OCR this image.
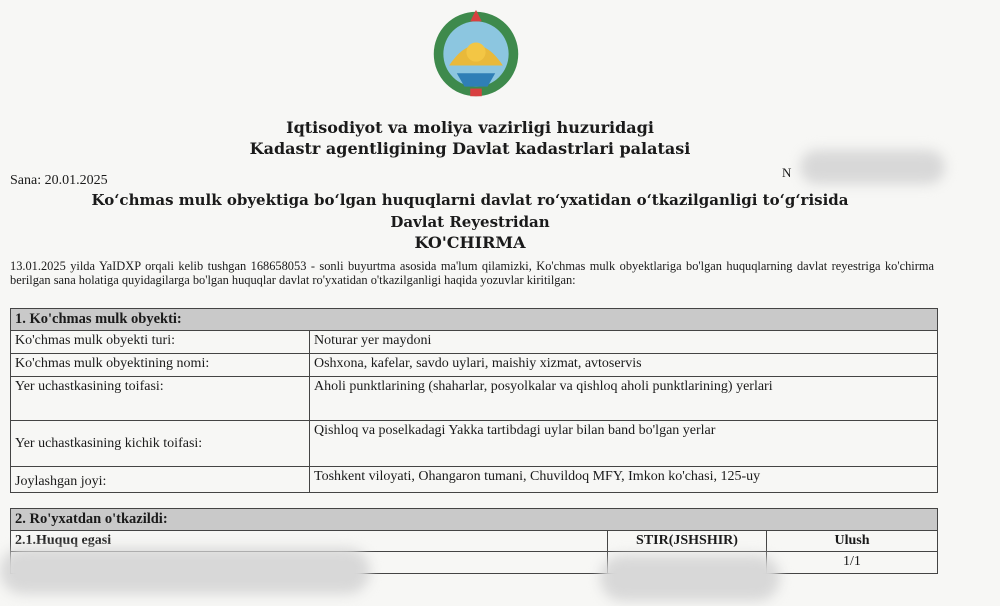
Iqtisodiyot va moliya vazirligi huzuridagi
Kadastr agentligining Davlat kadastrlari palatasi
Sana: 20.01.2025
N
Ko‘chmas mulk obyektiga bo‘lgan huquqlarni davlat ro‘yxatidan o‘tkazilganligi to‘g‘risida
Davlat Reyestridan
KO'CHIRMA
13.01.2025 yilda YaIDXP orqali kelib tushgan 168658053 - sonli buyurtma asosida ma'lum qilamizki, Ko'chmas mulk obyektlariga bo'lgan huquqlarning davlat reyestriga ko'chirma berilgan sana holatiga quyidagilarga bo'lgan huquqlar davlat ro'yxatidan o'tkazilganligi haqida yozuvlar kiritilgan:
1. Ko'chmas mulk obyekti:	
Ko'chmas mulk obyekti turi:	Noturar yer maydoni
Ko'chmas mulk obyektining nomi:	Oshxona, kafelar, savdo uylari, maishiy xizmat, avtoservis
Yer uchastkasining toifasi:	Aholi punktlarining (shaharlar, posyolkalar va qishloq aholi punktlarining) yerlari
Yer uchastkasining kichik toifasi:	Qishloq va poselkadagi Yakka tartibdagi uylar bilan band bo'lgan yerlar
Joylashgan joyi:	Toshkent viloyati, Ohangaron tumani, Chuvildoq MFY, Imkon ko'chasi, 125-uy
2. Ro'yxatdan o'tkazildi:		
2.1.Huquq egasi	STIR(JSHSHIR)	Ulush
		1/1
